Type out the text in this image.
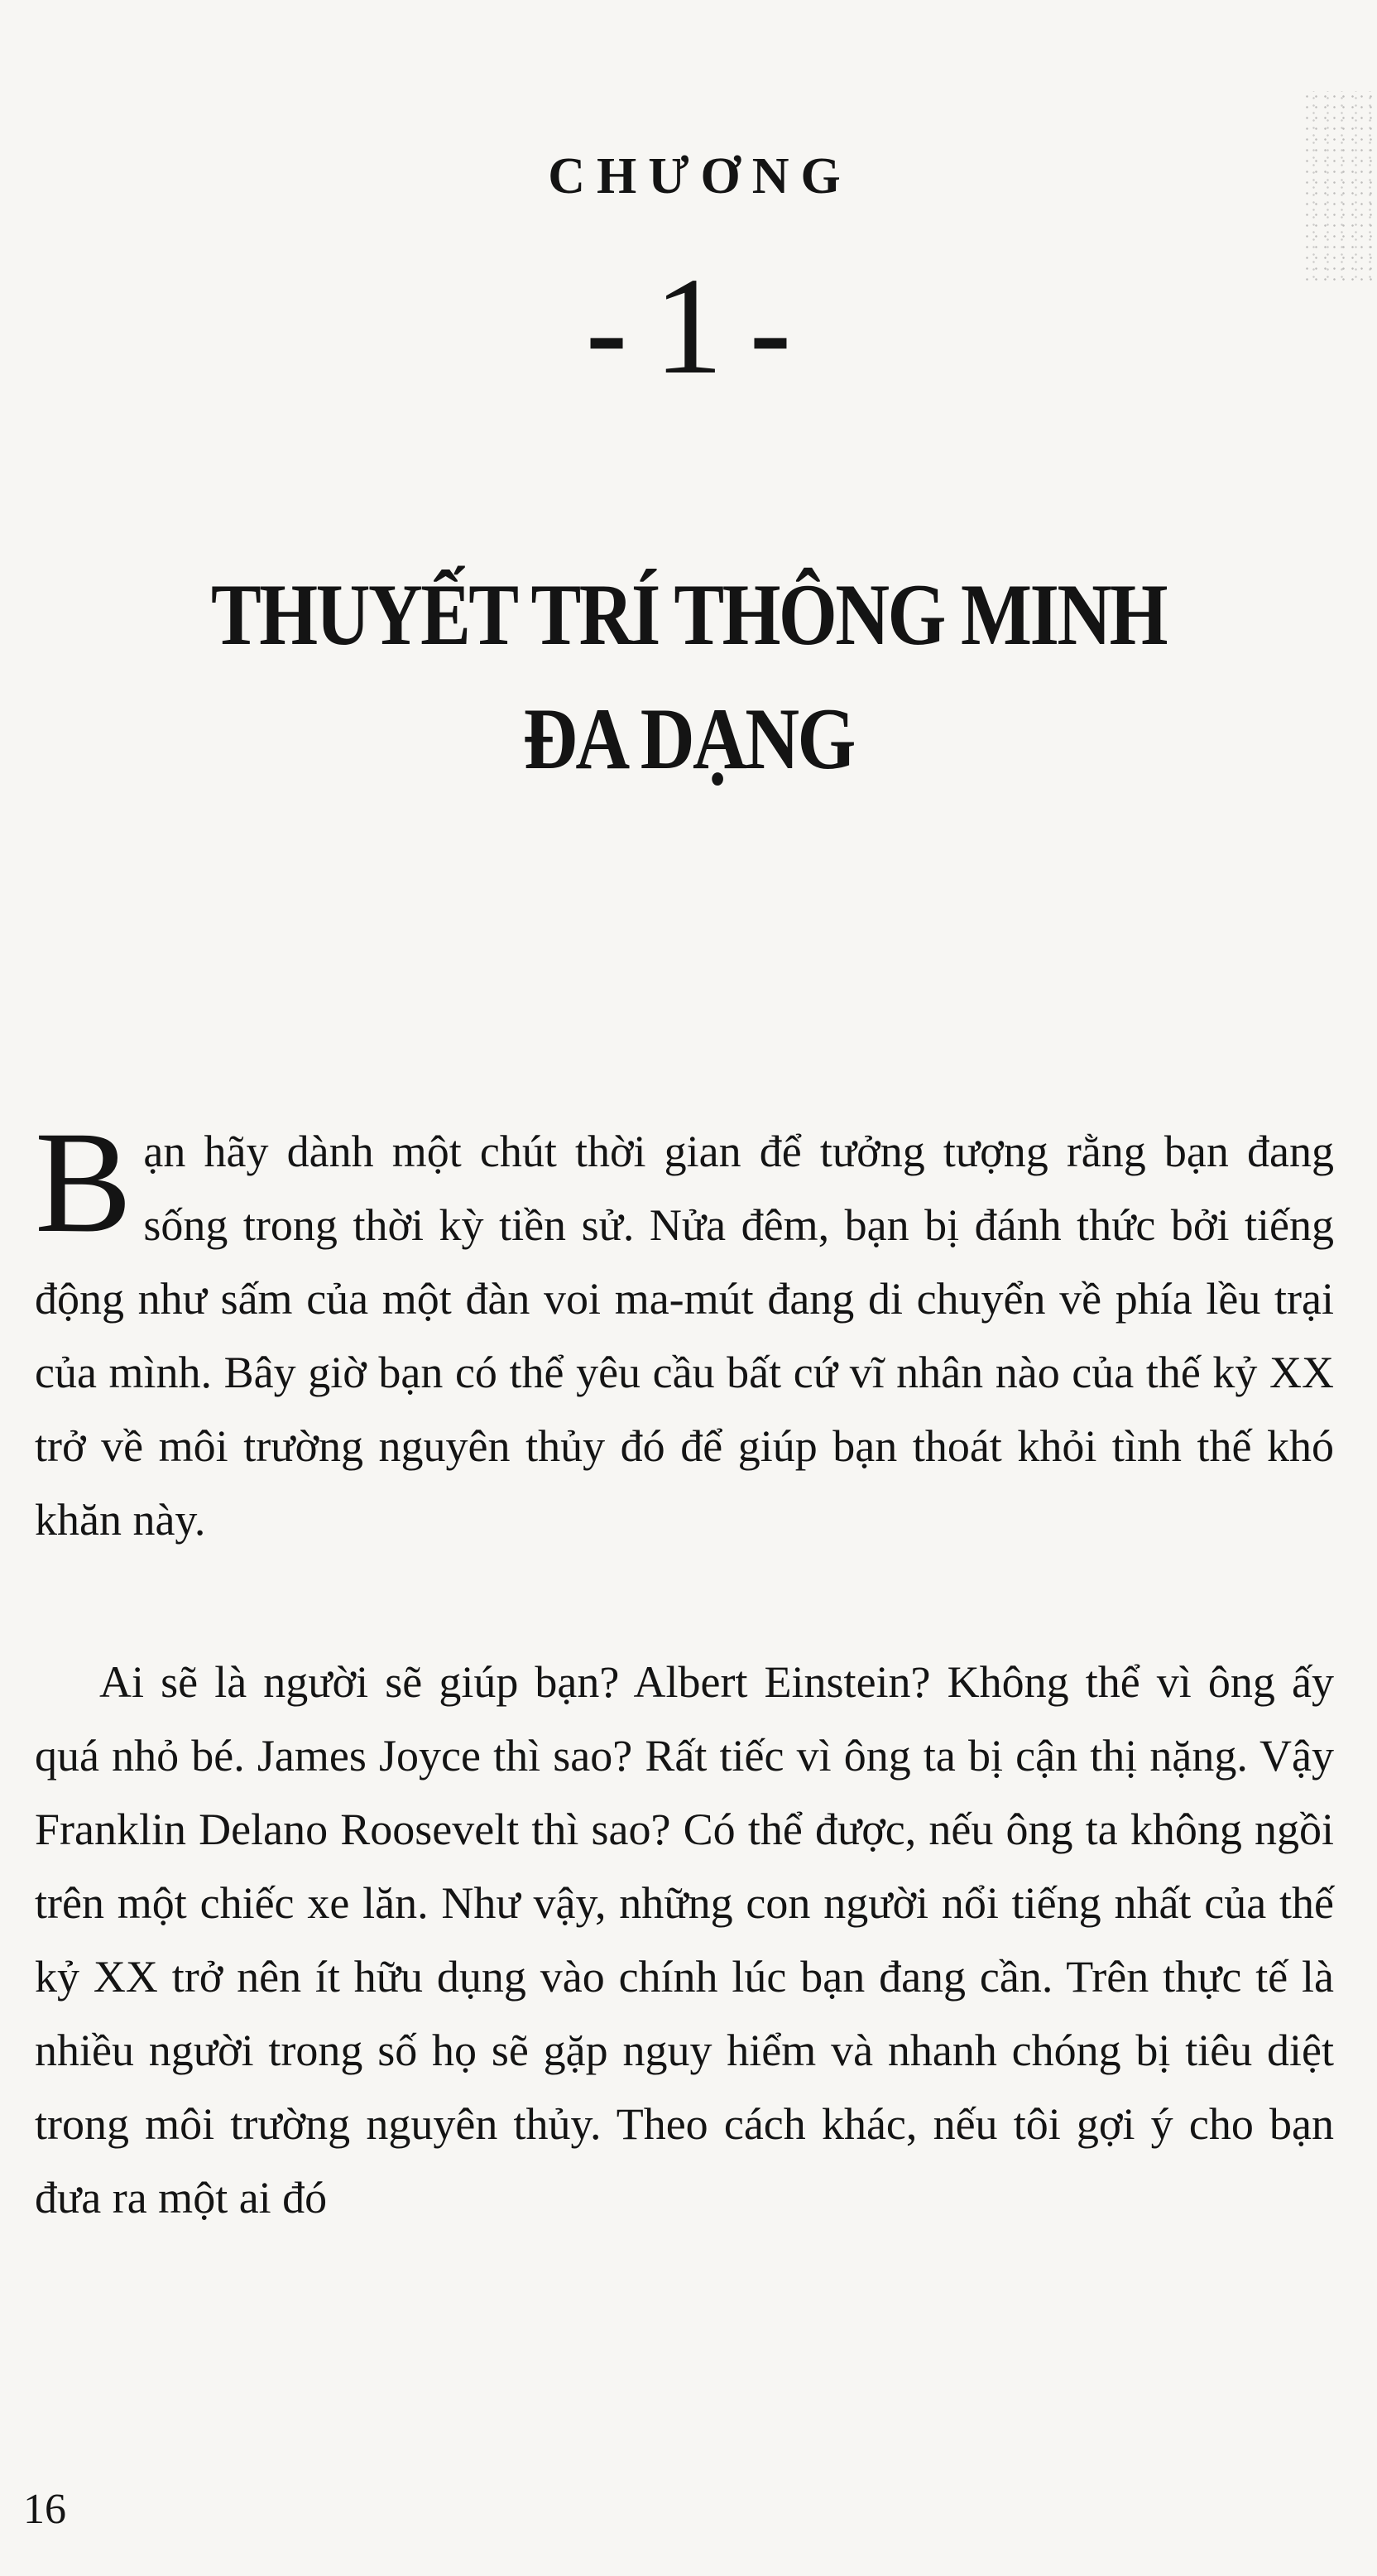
CHƯƠNG
- 1 -
THUYẾT TRÍ THÔNG MINH
ĐA DẠNG
Bạn hãy dành một chút thời gian để tưởng tượng rằng bạn đang sống trong thời kỳ tiền sử. Nửa đêm, bạn bị đánh thức bởi tiếng động như sấm của một đàn voi ma-mút đang di chuyển về phía lều trại của mình. Bây giờ bạn có thể yêu cầu bất cứ vĩ nhân nào của thế kỷ XX trở về môi trường nguyên thủy đó để giúp bạn thoát khỏi tình thế khó khăn này.
Ai sẽ là người sẽ giúp bạn? Albert Einstein? Không thể vì ông ấy quá nhỏ bé. James Joyce thì sao? Rất tiếc vì ông ta bị cận thị nặng. Vậy Franklin Delano Roosevelt thì sao? Có thể được, nếu ông ta không ngồi trên một chiếc xe lăn. Như vậy, những con người nổi tiếng nhất của thế kỷ XX trở nên ít hữu dụng vào chính lúc bạn đang cần. Trên thực tế là nhiều người trong số họ sẽ gặp nguy hiểm và nhanh chóng bị tiêu diệt trong môi trường nguyên thủy. Theo cách khác, nếu tôi gợi ý cho bạn đưa ra một ai đó
16
